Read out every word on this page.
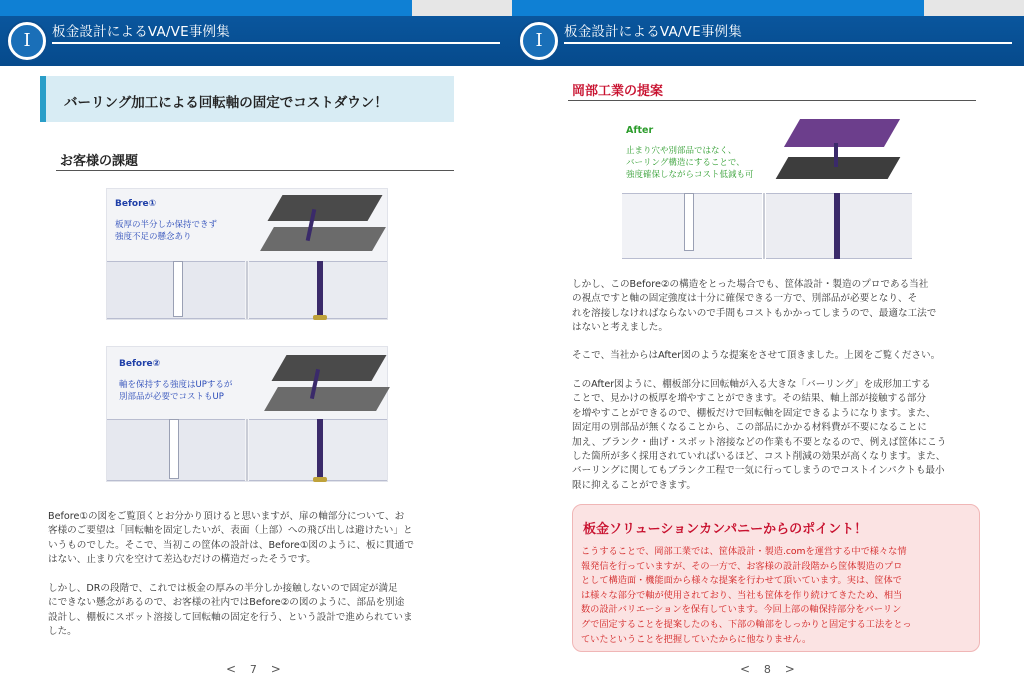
板金設計によるVA/VE事例集
I
バーリング加工による回転軸の固定でコストダウン！
お客様の課題
Before①
板厚の半分しか保持できず
強度不足の懸念あり
Before②
軸を保持する強度はUPするが
別部品が必要でコストもUP
Before①の図をご覧頂くとお分かり頂けると思いますが、扉の軸部分について、お
客様のご要望は「回転軸を固定したいが、表面（上部）への飛び出しは避けたい」と
いうものでした。そこで、当初この筐体の設計は、Before①図のように、板に貫通で
はない、止まり穴を空けて差込むだけの構造だったそうです。
しかし、DRの段階で、これでは板金の厚みの半分しか接触しないので固定が満足
にできない懸念があるので、お客様の社内ではBefore②の図のように、部品を別途
設計し、棚板にスポット溶接して回転軸の固定を行う、という設計で進められていま
した。
< 7 >
板金設計によるVA/VE事例集
I
岡部工業の提案
After
止まり穴や別部品ではなく、
バーリング構造にすることで、
強度確保しながらコスト低減も可
しかし、このBefore②の構造をとった場合でも、筐体設計・製造のプロである当社
の視点ですと軸の固定強度は十分に確保できる一方で、別部品が必要となり、そ
れを溶接しなければならないので手間もコストもかかってしまうので、最適な工法で
はないと考えました。
そこで、当社からはAfter図のような提案をさせて頂きました。上図をご覧ください。
このAfter図ように、棚板部分に回転軸が入る大きな「バーリング」を成形加工する
ことで、見かけの板厚を増やすことができます。その結果、軸上部が接触する部分
を増やすことができるので、棚板だけで回転軸を固定できるようになります。また、
固定用の別部品が無くなることから、この部品にかかる材料費が不要になることに
加え、ブランク・曲げ・スポット溶接などの作業も不要となるので、例えば筐体にこう
した箇所が多く採用されていればいるほど、コスト削減の効果が高くなります。また、
バーリングに関してもブランク工程で一気に行ってしまうのでコストインパクトも最小
限に抑えることができます。
板金ソリューションカンパニーからのポイント！
こうすることで、岡部工業では、筐体設計・製造.comを運営する中で様々な情
報発信を行っていますが、その一方で、お客様の設計段階から筐体製造のプロ
として構造面・機能面から様々な提案を行わせて頂いています。実は、筐体で
は様々な部分で軸が使用されており、当社も筐体を作り続けてきたため、相当
数の設計バリエーションを保有しています。今回上部の軸保持部分をバーリン
グで固定することを提案したのも、下部の軸部をしっかりと固定する工法をとっ
ていたということを把握していたからに他なりません。
< 8 >
